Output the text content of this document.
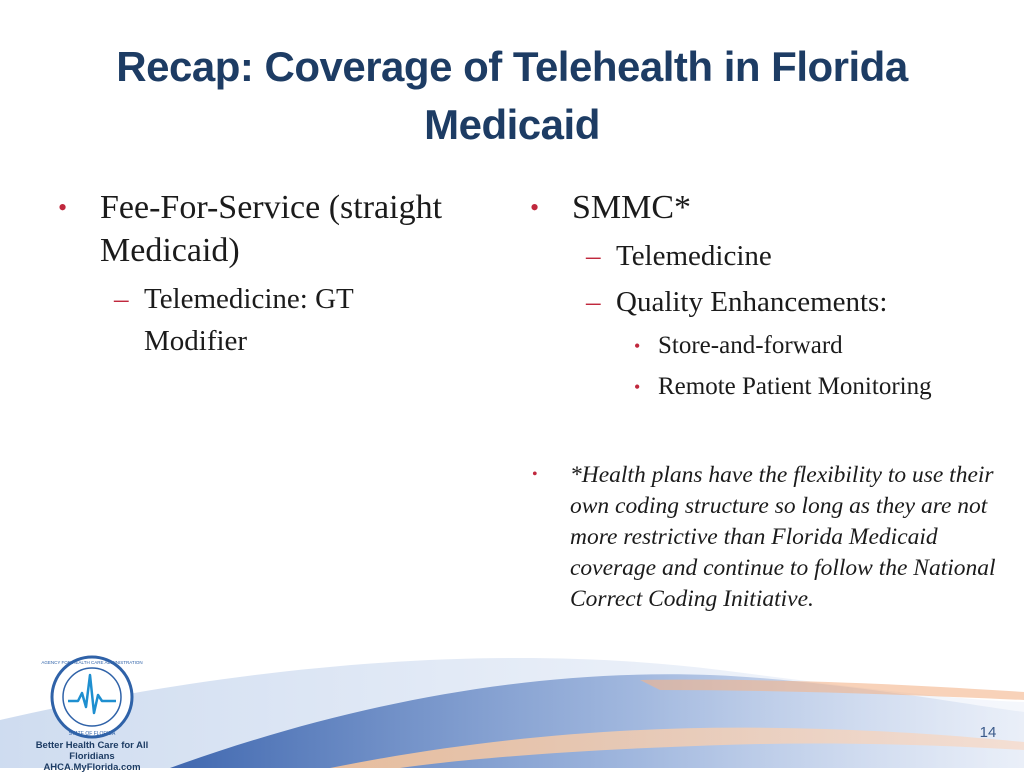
Recap: Coverage of Telehealth in Florida Medicaid
• Fee-For-Service (straight Medicaid)
– Telemedicine: GT Modifier
• SMMC*
– Telemedicine
– Quality Enhancements:
• Store-and-forward
• Remote Patient Monitoring
• *Health plans have the flexibility to use their own coding structure so long as they are not more restrictive than Florida Medicaid coverage and continue to follow the National Correct Coding Initiative.
AGENCY FOR HEALTH CARE ADMINISTRATION
STATE OF FLORIDA
Better Health Care for All Floridians
AHCA.MyFlorida.com
14
